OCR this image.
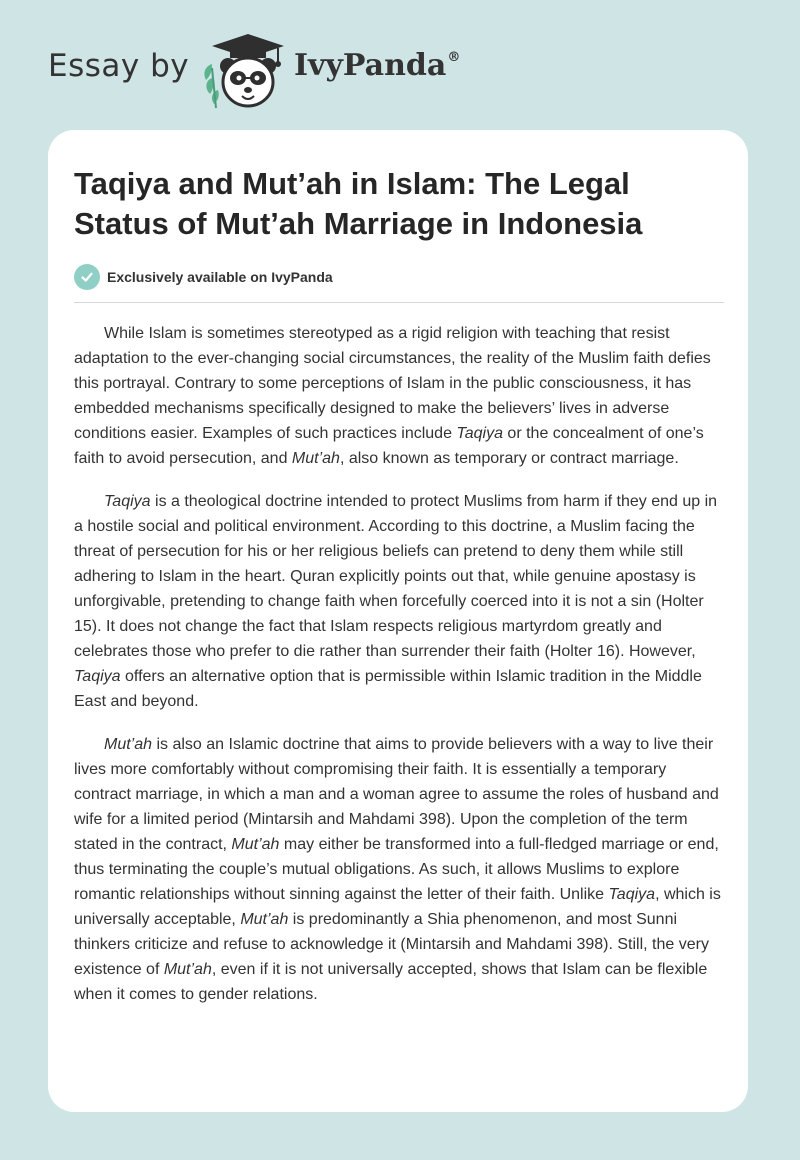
Essay by	IvyPanda®
Taqiya and Mut’ah in Islam: The Legal Status of Mut’ah Marriage in Indonesia
Exclusively available on IvyPanda

While Islam is sometimes stereotyped as a rigid religion with teaching that resist adaptation to the ever-changing social circumstances, the reality of the Muslim faith defies this portrayal. Contrary to some perceptions of Islam in the public consciousness, it has embedded mechanisms specifically designed to make the believers’ lives in adverse conditions easier. Examples of such practices include Taqiya or the concealment of one’s faith to avoid persecution, and Mut’ah, also known as temporary or contract marriage.

Taqiya is a theological doctrine intended to protect Muslims from harm if they end up in a hostile social and political environment. According to this doctrine, a Muslim facing the threat of persecution for his or her religious beliefs can pretend to deny them while still adhering to Islam in the heart. Quran explicitly points out that, while genuine apostasy is unforgivable, pretending to change faith when forcefully coerced into it is not a sin (Holter 15). It does not change the fact that Islam respects religious martyrdom greatly and celebrates those who prefer to die rather than surrender their faith (Holter 16). However, Taqiya offers an alternative option that is permissible within Islamic tradition in the Middle East and beyond.

Mut’ah is also an Islamic doctrine that aims to provide believers with a way to live their lives more comfortably without compromising their faith. It is essentially a temporary contract marriage, in which a man and a woman agree to assume the roles of husband and wife for a limited period (Mintarsih and Mahdami 398). Upon the completion of the term stated in the contract, Mut’ah may either be transformed into a full-fledged marriage or end, thus terminating the couple’s mutual obligations. As such, it allows Muslims to explore romantic relationships without sinning against the letter of their faith. Unlike Taqiya, which is universally acceptable, Mut’ah is predominantly a Shia phenomenon, and most Sunni thinkers criticize and refuse to acknowledge it (Mintarsih and Mahdami 398). Still, the very existence of Mut’ah, even if it is not universally accepted, shows that Islam can be flexible when it comes to gender relations.
